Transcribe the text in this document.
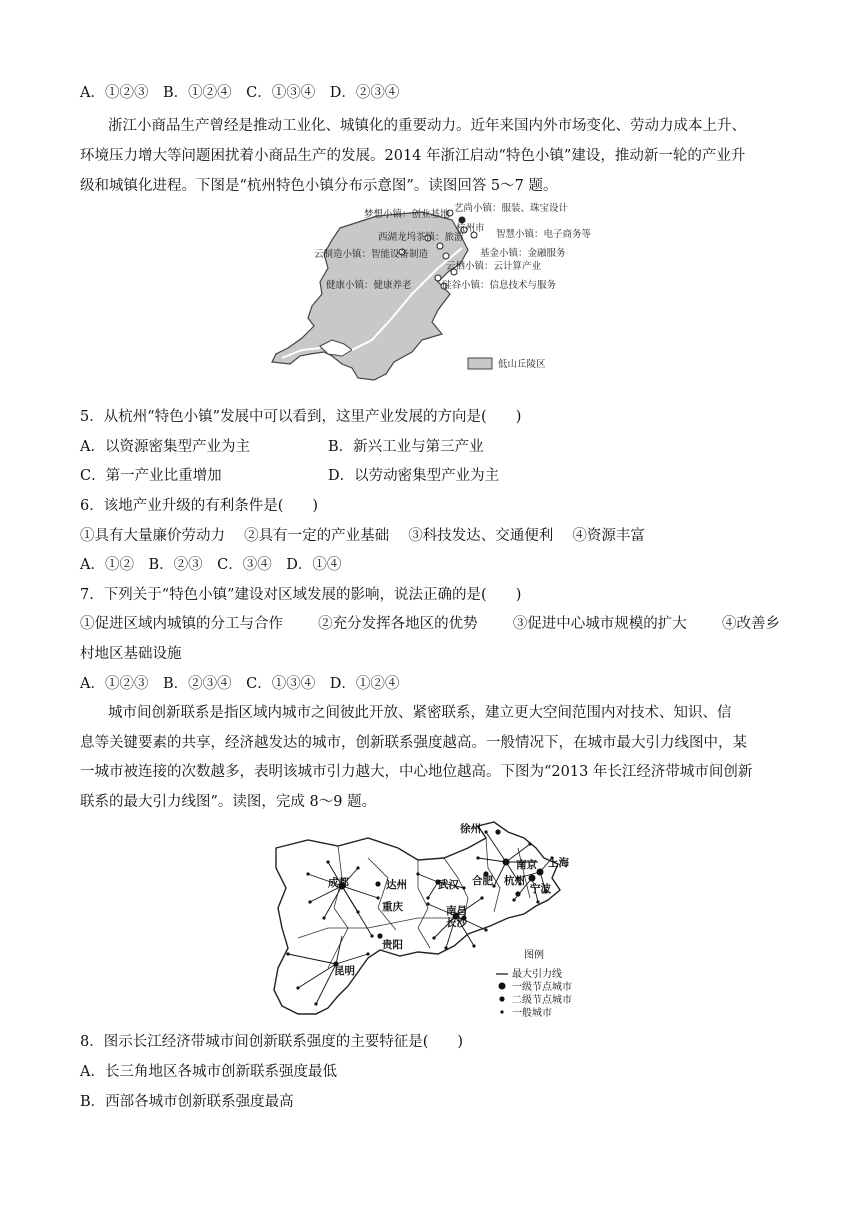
A．①②③　B．①②④　C．①③④　D．②③④
浙江小商品生产曾经是推动工业化、城镇化的重要动力。近年来国内外市场变化、劳动力成本上升、
环境压力增大等问题困扰着小商品生产的发展。2014 年浙江启动“特色小镇”建设，推动新一轮的产业升
级和城镇化进程。下图是“杭州特色小镇分布示意图”。读图回答 5～7 题。
梦想小镇：创业基地
艺尚小镇：服装、珠宝设计
杭州市
西湖龙坞茶镇：旅游	智慧小镇：电子商务等
云制造小镇：智能设备制造	基金小镇：金融服务
云栖小镇：云计算产业
健康小镇：健康养老	硅谷小镇：信息技术与服务
低山丘陵区
5．从杭州“特色小镇”发展中可以看到，这里产业发展的方向是(　　)
A．以资源密集型产业为主	B．新兴工业与第三产业
C．第一产业比重增加	D．以劳动密集型产业为主
6．该地产业升级的有利条件是(　　)
①具有大量廉价劳动力　 ②具有一定的产业基础　 ③科技发达、交通便利　 ④资源丰富
A．①②　B．②③　C．③④　D．①④
7．下列关于“特色小镇”建设对区域发展的影响，说法正确的是(　　)
①促进区域内城镇的分工与合作 ②充分发挥各地区的优势 ③促进中心城市规模的扩大 ④改善乡
村地区基础设施
A．①②③　B．②③④　C．①③④　D．①②④
城市间创新联系是指区域内城市之间彼此开放、紧密联系，建立更大空间范围内对技术、知识、信
息等关键要素的共享，经济越发达的城市，创新联系强度越高。一般情况下，在城市最大引力线图中，某
一城市被连接的次数越多，表明该城市引力越大，中心地位越高。下图为“2013 年长江经济带城市间创新
联系的最大引力线图”。读图，完成 8～9 题。
徐州
南京 上海
合肥 杭州
宁波
成都	达州	武汉
重庆	南昌
长沙
贵阳
昆明
图例
最大引力线
一级节点城市
二级节点城市
一般城市
8．图示长江经济带城市间创新联系强度的主要特征是(　　)
A．长三角地区各城市创新联系强度最低
B．西部各城市创新联系强度最高
